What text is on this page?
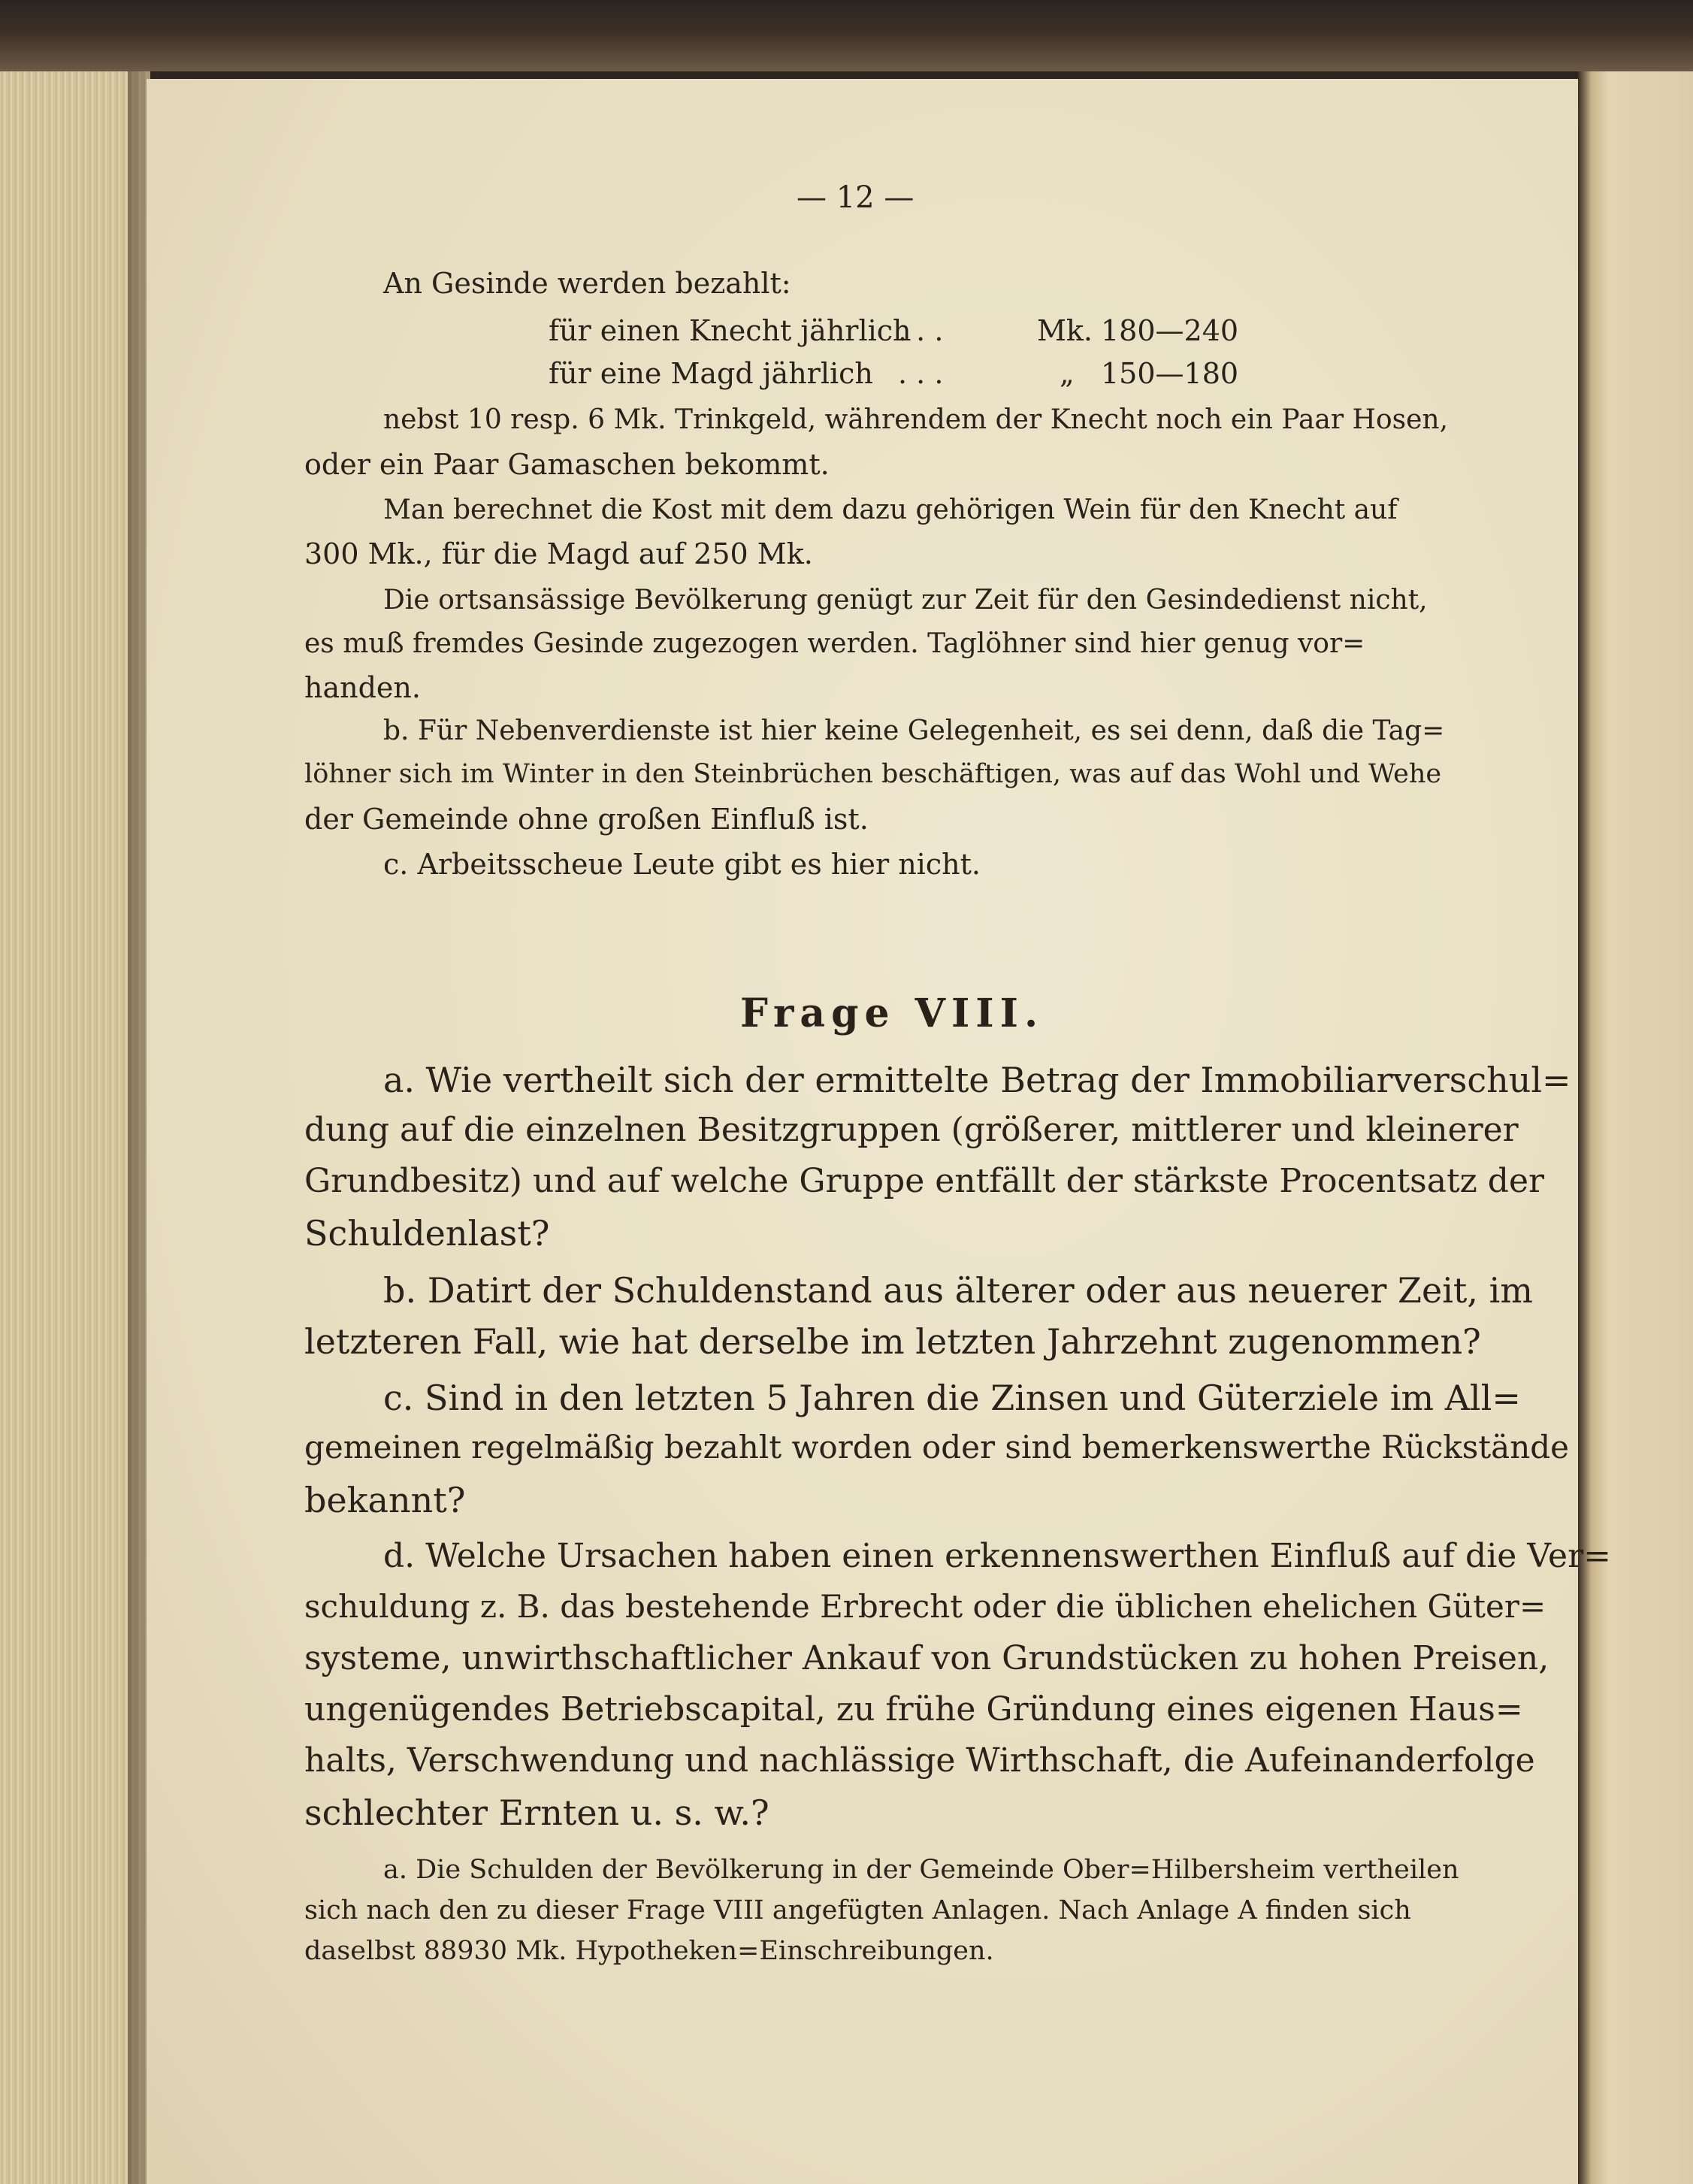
— 12 —
An Gesinde werden bezahlt:
für einen Knecht jährlich
. . .	Mk. 180—240
für eine Magd jährlich . . .	„ 150—180
nebst 10 resp. 6 Mk. Trinkgeld, währendem der Knecht noch ein Paar Hosen,
oder ein Paar Gamaschen bekommt.
Man berechnet die Kost mit dem dazu gehörigen Wein für den Knecht auf
300 Mk., für die Magd auf 250 Mk.
Die ortsansässige Bevölkerung genügt zur Zeit für den Gesindedienst nicht,
es muß fremdes Gesinde zugezogen werden. Taglöhner sind hier genug vor=
handen.
b. Für Nebenverdienste ist hier keine Gelegenheit, es sei denn, daß die Tag=
löhner sich im Winter in den Steinbrüchen beschäftigen, was auf das Wohl und Wehe
der Gemeinde ohne großen Einfluß ist.
c. Arbeitsscheue Leute gibt es hier nicht.
Frage VIII.
a. Wie vertheilt sich der ermittelte Betrag der Immobiliarverschul=
dung auf die einzelnen Besitzgruppen (größerer, mittlerer und kleinerer
Grundbesitz) und auf welche Gruppe entfällt der stärkste Procentsatz der
Schuldenlast?
b. Datirt der Schuldenstand aus älterer oder aus neuerer Zeit, im
letzteren Fall, wie hat derselbe im letzten Jahrzehnt zugenommen?
c. Sind in den letzten 5 Jahren die Zinsen und Güterziele im All=
gemeinen regelmäßig bezahlt worden oder sind bemerkenswerthe Rückstände
bekannt?
d. Welche Ursachen haben einen erkennenswerthen Einfluß auf die Ver=
schuldung z. B. das bestehende Erbrecht oder die üblichen ehelichen Güter=
systeme, unwirthschaftlicher Ankauf von Grundstücken zu hohen Preisen,
ungenügendes Betriebscapital, zu frühe Gründung eines eigenen Haus=
halts, Verschwendung und nachlässige Wirthschaft, die Aufeinanderfolge
schlechter Ernten u. s. w.?
a. Die Schulden der Bevölkerung in der Gemeinde Ober=Hilbersheim vertheilen
sich nach den zu dieser Frage VIII angefügten Anlagen. Nach Anlage A finden sich
daselbst 88930 Mk. Hypotheken=Einschreibungen.
